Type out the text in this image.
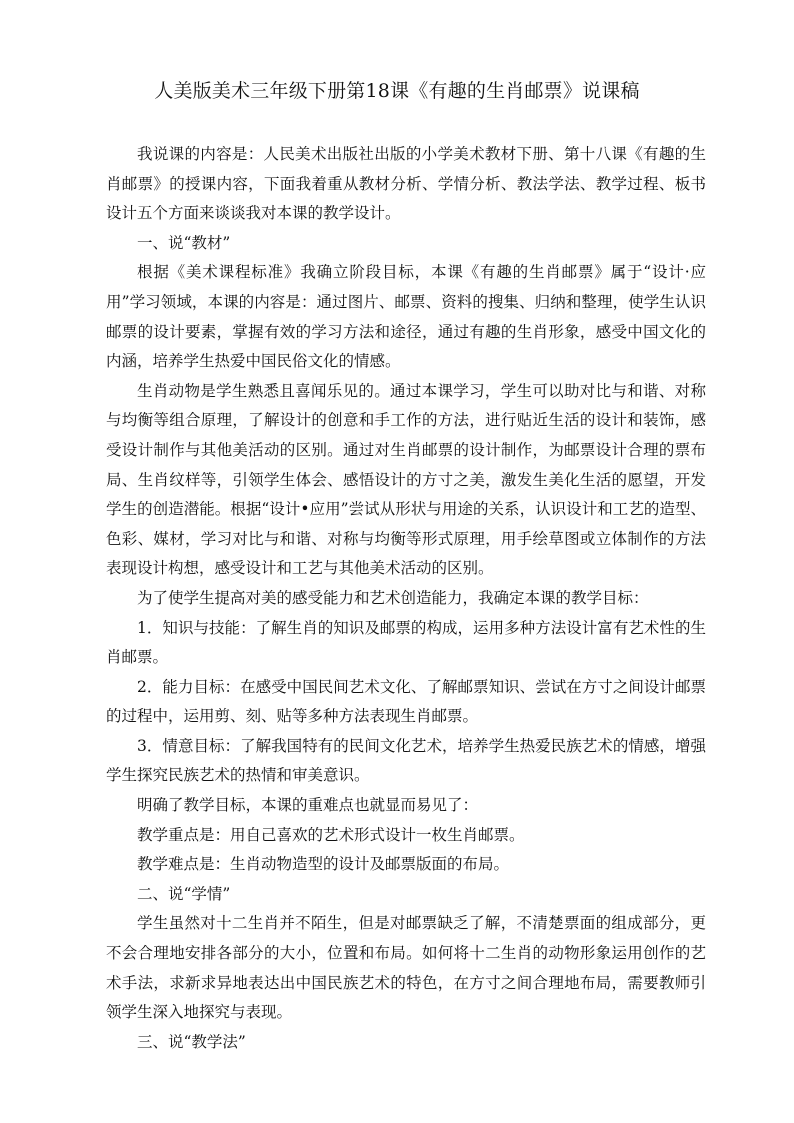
人美版美术三年级下册第18课《有趣的生肖邮票》说课稿

我说课的内容是：人民美术出版社出版的小学美术教材下册、第十八课《有趣的生肖邮票》的授课内容，下面我着重从教材分析、学情分析、教法学法、教学过程、板书设计五个方面来谈谈我对本课的教学设计。

一、说“教材”

根据《美术课程标准》我确立阶段目标，本课《有趣的生肖邮票》属于“设计·应用”学习领域，本课的内容是：通过图片、邮票、资料的搜集、归纳和整理，使学生认识邮票的设计要素，掌握有效的学习方法和途径，通过有趣的生肖形象，感受中国文化的内涵，培养学生热爱中国民俗文化的情感。

生肖动物是学生熟悉且喜闻乐见的。通过本课学习，学生可以助对比与和谐、对称与均衡等组合原理，了解设计的创意和手工作的方法，进行贴近生活的设计和装饰，感受设计制作与其他美活动的区别。通过对生肖邮票的设计制作，为邮票设计合理的票布局、生肖纹样等，引领学生体会、感悟设计的方寸之美，激发生美化生活的愿望，开发学生的创造潜能。根据“设计•应用”尝试从形状与用途的关系，认识设计和工艺的造型、色彩、媒材，学习对比与和谐、对称与均衡等形式原理，用手绘草图或立体制作的方法表现设计构想，感受设计和工艺与其他美术活动的区别。

为了使学生提高对美的感受能力和艺术创造能力，我确定本课的教学目标：

1．知识与技能：了解生肖的知识及邮票的构成，运用多种方法设计富有艺术性的生肖邮票。

2．能力目标：在感受中国民间艺术文化、了解邮票知识、尝试在方寸之间设计邮票的过程中，运用剪、刻、贴等多种方法表现生肖邮票。

3．情意目标：了解我国特有的民间文化艺术，培养学生热爱民族艺术的情感，增强学生探究民族艺术的热情和审美意识。

明确了教学目标，本课的重难点也就显而易见了：

教学重点是：用自己喜欢的艺术形式设计一枚生肖邮票。

教学难点是：生肖动物造型的设计及邮票版面的布局。

二、说“学情”

学生虽然对十二生肖并不陌生，但是对邮票缺乏了解，不清楚票面的组成部分，更不会合理地安排各部分的大小，位置和布局。如何将十二生肖的动物形象运用创作的艺术手法，求新求异地表达出中国民族艺术的特色，在方寸之间合理地布局，需要教师引领学生深入地探究与表现。

三、说“教学法”
